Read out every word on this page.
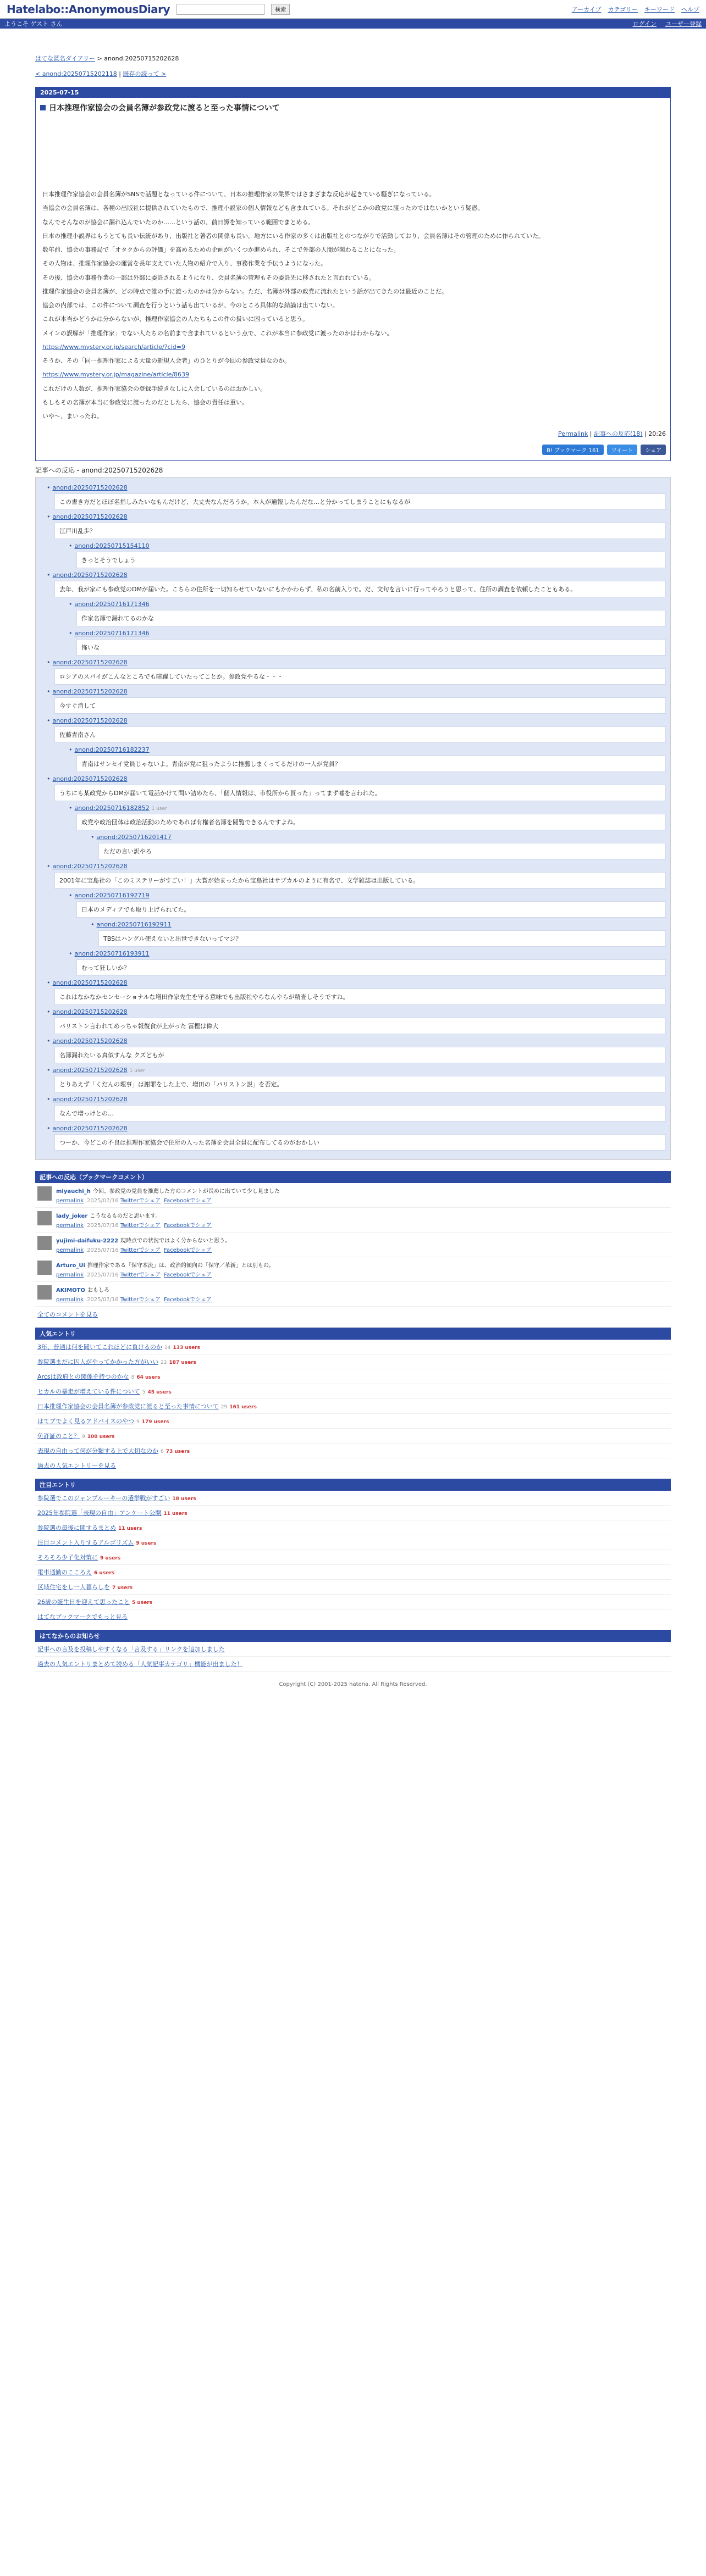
Hatelabo::AnonymousDiary	検索	アーカイブ カテゴリー キーワード ヘルプ
ようこそ ゲスト さん	ログイン ユーザー登録
はてな匿名ダイアリー > anond:20250715202628
< anond:20250715202118 | 既存の読って >
2025-07-15
日本推理作家協会の会員名簿が参政党に渡ると至った事情について

日本推理作家協会の会員名簿がSNSで話題となっている件について、日本の推理作家の業界ではさまざまな反応が起きている騒ぎになっている。

当協会の会員名簿は、各種の出版社に提供されていたもので、推理小説家の個人情報なども含まれている。それがどこかの政党に渡ったのではないかという疑惑。

なんでそんなのが協会に漏れ込んでいたのか……という話の、前日譚を知っている範囲でまとめる。

日本の推理小説界はもうとても長い伝統があり、出版社と著者の関係も長い。地方にいる作家の多くは出版社とのつながりで活動しており、会員名簿はその管理のために作られていた。

数年前、協会の事務局で「オタクからの評価」を高めるための企画がいくつか進められ、そこで外部の人間が関わることになった。

その人物は、推理作家協会の運営を長年支えていた人物の紹介で入り、事務作業を手伝うようになった。

その後、協会の事務作業の一部は外部に委託されるようになり、会員名簿の管理もその委託先に移されたと言われている。

推理作家協会の会員名簿が、どの時点で誰の手に渡ったのかは分からない。ただ、名簿が外部の政党に流れたという話が出てきたのは最近のことだ。

協会の内部では、この件について調査を行うという話も出ているが、今のところ具体的な結論は出ていない。

これが本当かどうかは分からないが、推理作家協会の人たちもこの件の扱いに困っていると思う。

メインの誤解が「推理作家」でない人たちの名前まで含まれているという点で、これが本当に参政党に渡ったのかはわからない。

https://www.mystery.or.jp/search/article/?cid=9

そうか、その「同一推理作家による大量の新規入会者」のひとりが今回の参政党員なのか。

https://www.mystery.or.jp/magazine/article/8639

これだけの人数が、推理作家協会の登録手続きなしに入会しているのはおかしい。

もしもその名簿が本当に参政党に渡ったのだとしたら、協会の責任は重い。

いや〜、まいったね。

Permalink | 記事への反応(18) | 20:26
B! ブックマーク 161	ツイート	シェア
記事への反応 - anond:20250715202628
• anond:20250715202628
この書き方だとほぼ名指しみたいなもんだけど、大丈夫なんだろうか。本人が通報したんだな…と分かってしまうことにもなるが
• anond:20250715202628
江戸川乱歩？
• anond:20250715154110
きっとそうでしょう
• anond:20250715202628
去年、我が家にも参政党のDMが届いた。こちらの住所を一切知らせていないにもかかわらず、私の名前入りで。だ、文句を言いに行ってやろうと思って、住所の調査を依頼したこともある。
• anond:20250716171346
作家名簿で漏れてるのかな
• anond:20250716171346
怖いな
• anond:20250715202628
ロシアのスパイがこんなところでも暗躍していたってことか。参政党やるな・・・
• anond:20250715202628
今すぐ消して
• anond:20250715202628
佐藤青南さん
• anond:20250716182237
青南はサンセイ党員じゃないよ。青南が党に狙ったように推薦しまくってるだけの一人が党員？
• anond:20250715202628
うちにも某政党からDMが届いて電話かけて問い詰めたら、「個人情報は、市役所から貰った」ってまず嘘を言われた。
• anond:20250716182852 1 user
政党や政治団体は政治活動のためであれば有権者名簿を閲覧できるんですよね。
• anond:20250716201417
ただの言い訳やろ
• anond:20250715202628
2001年に宝島社の「このミステリーがすごい！」大賞が始まったから宝島社はサブカルのように有名で、文学雑誌は出版している。
• anond:20250716192719
日本のメディアでも取り上げられてた。
• anond:20250716192911
TBSはハングル使えないと出世できないってマジ？
• anond:20250716193911
むって狂しいか？
• anond:20250715202628
これはなかなかセンセーショナルな増田作家先生を守る意味でも出版社やらなんやらが精査しそうですね。
• anond:20250715202628
パリストン言われてめっちゃ報復食が上がった 冨樫は偉大
• anond:20250715202628
名簿漏れたいる真似すんな クズどもが
• anond:20250715202628 1 user
とりあえず「くだんの理事」は謝罪をした上で、増田の「パリストン説」を否定。
• anond:20250715202628
なんで増っけとの…
• anond:20250715202628
つーか、今どこの不良は推理作家協会で住所の入った名簿を会員全員に配布してるのがおかしい
記事への反応（ブックマークコメント）
miyauchi_h 今回、参政党の党員を推薦した方のコメントが長めに出ていて少し見ました
permalink 2025/07/16 Twitterでシェア Facebookでシェア
lady_joker こうなるものだと思います。
permalink 2025/07/16 Twitterでシェア Facebookでシェア
yujimi-daifuku-2222 現時点での状況ではよく分からないと思う。
permalink 2025/07/16 Twitterでシェア Facebookでシェア
Arturo_Ui 推理作家である「保守本流」は、政治的傾向の「保守／革新」とは別もの。
permalink 2025/07/16 Twitterでシェア Facebookでシェア
AKIMOTO おもしろ
permalink 2025/07/16 Twitterでシェア Facebookでシェア
全てのコメントを見る
人気エントリ
3年、普通は何を聞いてこれほどに負けるのか 14 133 users
参院選まだに囚人がやってかかった方がいい 22 187 users
Arcsは政府との関係を持つのかな 8 64 users
ヒカルの暴走が増えている件について 5 45 users
日本推理作家協会の会員名簿が参政党に渡ると至った事情について 29 161 users
はてブでよく見るアドバイスのやつ 9 179 users
免許証のこと？ 9 100 users
表現の自由って何が分類する上で大切なのか 6 73 users
過去の人気エントリーを見る
注目エントリ
参院選でこのジャンプルーキーの選挙戦がすごい 18 users
2025年参院選「表現の自由」アンケート公開 11 users
参院選の最後に関するまとめ 11 users
注目コメント入りするアルゴリズム 9 users
そろそろ少子化対策に 9 users
電車通勤のこころえ 6 users
区域住宅をし一人暮らしを 7 users
26歳の誕生日を迎えて思ったこと 5 users
はてなブックマークでもっと見る
はてなからのお知らせ
記事への言及を投稿しやすくなる「言及する」リンクを追加しました
過去の人気エントリまとめて読める「人気記事カテゴリ」機能が出ました！
Copyright (C) 2001-2025 hatena. All Rights Reserved.
